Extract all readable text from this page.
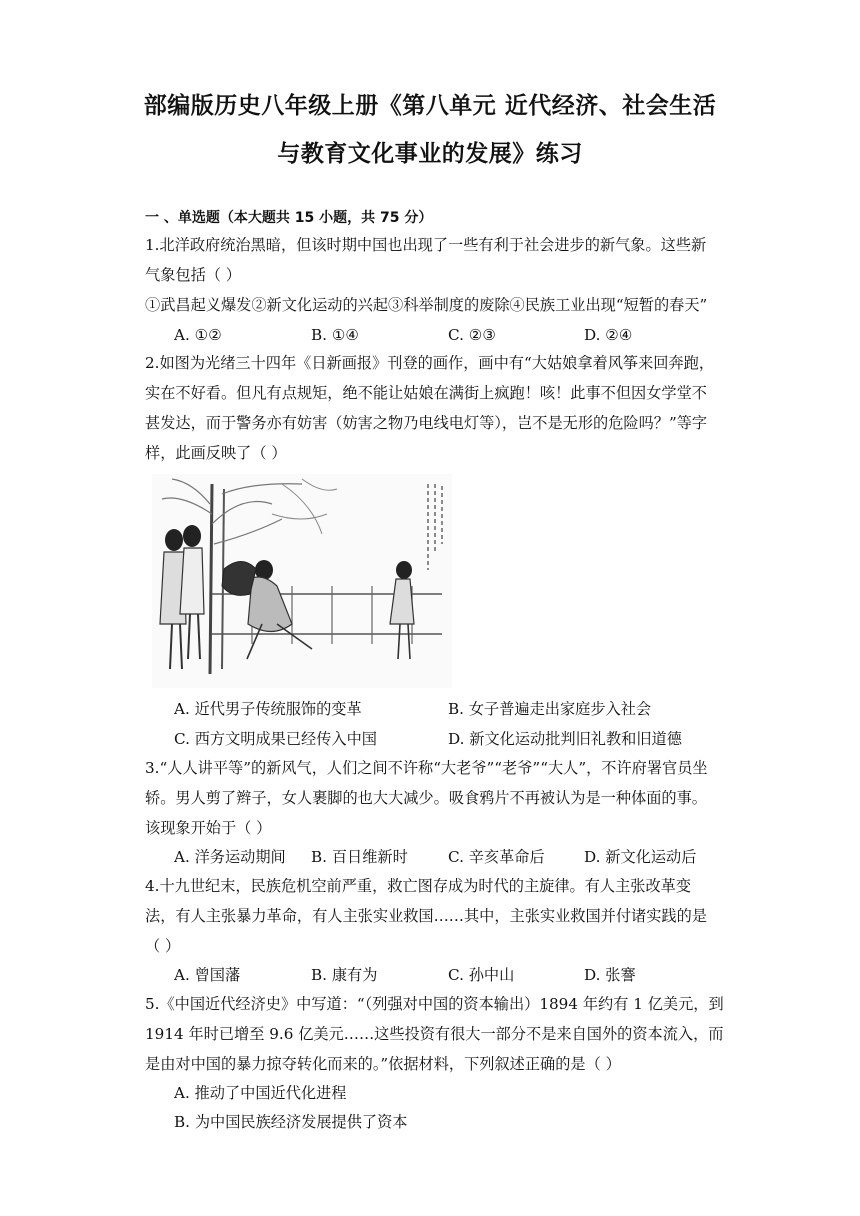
部编版历史八年级上册《第八单元 近代经济、社会生活
与教育文化事业的发展》练习
一 、单选题（本大题共 15 小题，共 75 分）
1.北洋政府统治黑暗，但该时期中国也出现了一些有利于社会进步的新气象。这些新
气象包括（ ）
①武昌起义爆发②新文化运动的兴起③科举制度的废除④民族工业出现“短暂的春天”
A. ①②	B. ①④	C. ②③	D. ②④
2.如图为光绪三十四年《日新画报》刊登的画作，画中有“大姑娘拿着风筝来回奔跑，
实在不好看。但凡有点规矩，绝不能让姑娘在满街上疯跑！咳！此事不但因女学堂不
甚发达，而于警务亦有妨害（妨害之物乃电线电灯等），岂不是无形的危险吗？”等字
样，此画反映了（ ）
A. 近代男子传统服饰的变革	B. 女子普遍走出家庭步入社会
C. 西方文明成果已经传入中国	D. 新文化运动批判旧礼教和旧道德
3.“人人讲平等”的新风气，人们之间不许称“大老爷”“老爷”“大人”，不许府署官员坐
轿。男人剪了辫子，女人裹脚的也大大减少。吸食鸦片不再被认为是一种体面的事。
该现象开始于（ ）
A. 洋务运动期间 B. 百日维新时	C. 辛亥革命后	D. 新文化运动后
4.十九世纪末，民族危机空前严重，救亡图存成为时代的主旋律。有人主张改革变
法，有人主张暴力革命，有人主张实业救国……其中，主张实业救国并付诸实践的是
（ ）
A. 曾国藩	B. 康有为	C. 孙中山	D. 张謇
5.《中国近代经济史》中写道：“（列强对中国的资本输出）1894 年约有 1 亿美元，到
1914 年时已增至 9.6 亿美元……这些投资有很大一部分不是来自国外的资本流入，而
是由对中国的暴力掠夺转化而来的。”依据材料，下列叙述正确的是（ ）
A. 推动了中国近代化进程
B. 为中国民族经济发展提供了资本
